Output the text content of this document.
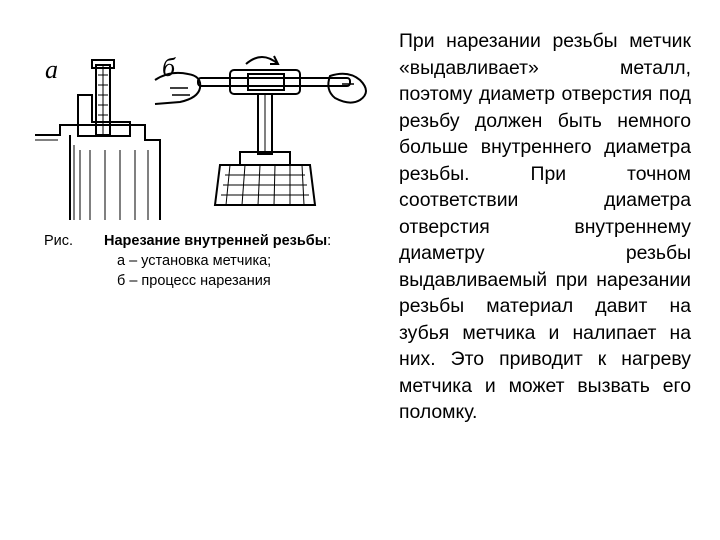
а	б
Рис. Нарезание внутренней резьбы:
а – установка метчика;
б – процесс нарезания
При нарезании резьбы метчик «выдавливает» металл, поэтому диаметр отверстия под резьбу должен быть немного больше внутреннего диаметра резьбы. При точном соответствии диаметра отверстия внутреннему диаметру резьбы выдавливаемый при нарезании резьбы материал давит на зубья метчика и налипает на них. Это приводит к нагреву метчика и может вызвать его поломку.
